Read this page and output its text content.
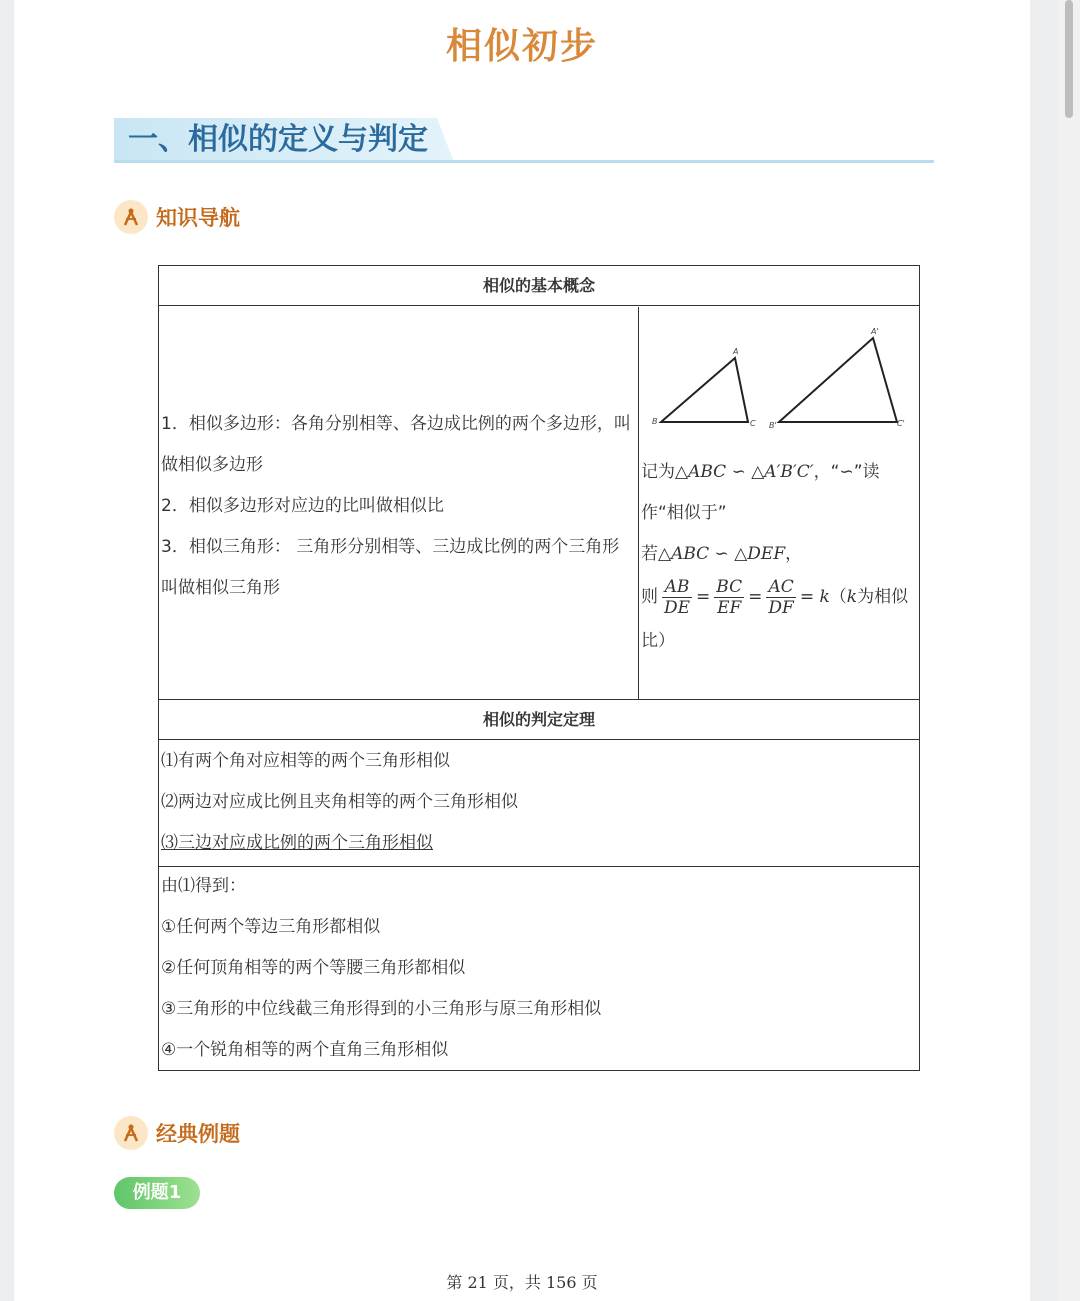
相似初步
一、相似的定义与判定
知识导航
相似的基本概念
1．相似多边形：各角分别相等、各边成比例的两个多边形，叫做相似多边形
2．相似多边形对应边的比叫做相似比
3．相似三角形： 三角形分别相等、三边成比例的两个三角形叫做相似三角形
A
B	C
A'
B'	C'
记为△ABC ∽ △A′B′C′，“∽”读作“相似于”
若△ABC ∽ △DEF，
则 $\frac{AB}{DE} = \frac{BC}{EF} = \frac{AC}{DF} = k(k$为相似比）
相似的判定定理
⑴有两个角对应相等的两个三角形相似
⑵两边对应成比例且夹角相等的两个三角形相似
⑶三边对应成比例的两个三角形相似
由⑴得到：
①任何两个等边三角形都相似
②任何顶角相等的两个等腰三角形都相似
③三角形的中位线截三角形得到的小三角形与原三角形相似
④一个锐角相等的两个直角三角形相似
经典例题
例题1
第 21 页，共 156 页
